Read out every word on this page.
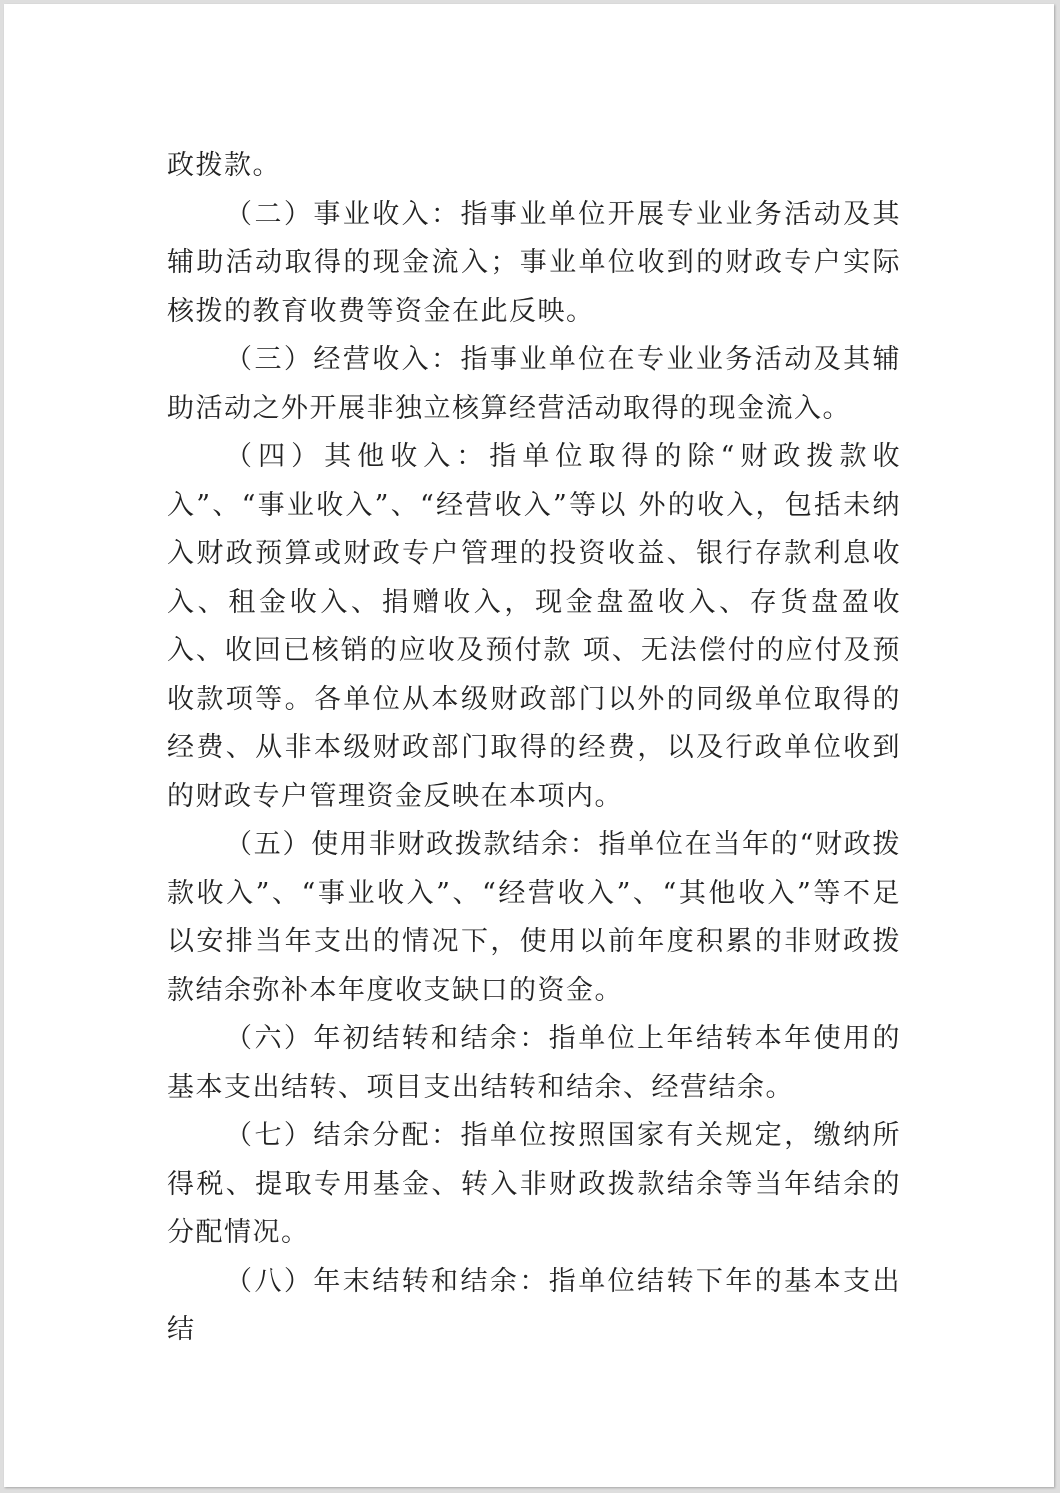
政拨款。

（二）事业收入：指事业单位开展专业业务活动及其辅助活动取得的现金流入；事业单位收到的财政专户实际核拨的教育收费等资金在此反映。

（三）经营收入：指事业单位在专业业务活动及其辅助活动之外开展非独立核算经营活动取得的现金流入。

（四）其他收入：指单位取得的除“财政拨款收入”、“事业收入”、“经营收入”等以 外的收入，包括未纳入财政预算或财政专户管理的投资收益、银行存款利息收入、租金收入、捐赠收入，现金盘盈收入、存货盘盈收入、收回已核销的应收及预付款 项、无法偿付的应付及预收款项等。各单位从本级财政部门以外的同级单位取得的经费、从非本级财政部门取得的经费，以及行政单位收到的财政专户管理资金反映在本项内。

（五）使用非财政拨款结余：指单位在当年的“财政拨款收入”、“事业收入”、“经营收入”、“其他收入”等不足以安排当年支出的情况下，使用以前年度积累的非财政拨款结余弥补本年度收支缺口的资金。

（六）年初结转和结余：指单位上年结转本年使用的基本支出结转、项目支出结转和结余、经营结余。

（七）结余分配：指单位按照国家有关规定，缴纳所得税、提取专用基金、转入非财政拨款结余等当年结余的分配情况。

（八）年末结转和结余：指单位结转下年的基本支出结
